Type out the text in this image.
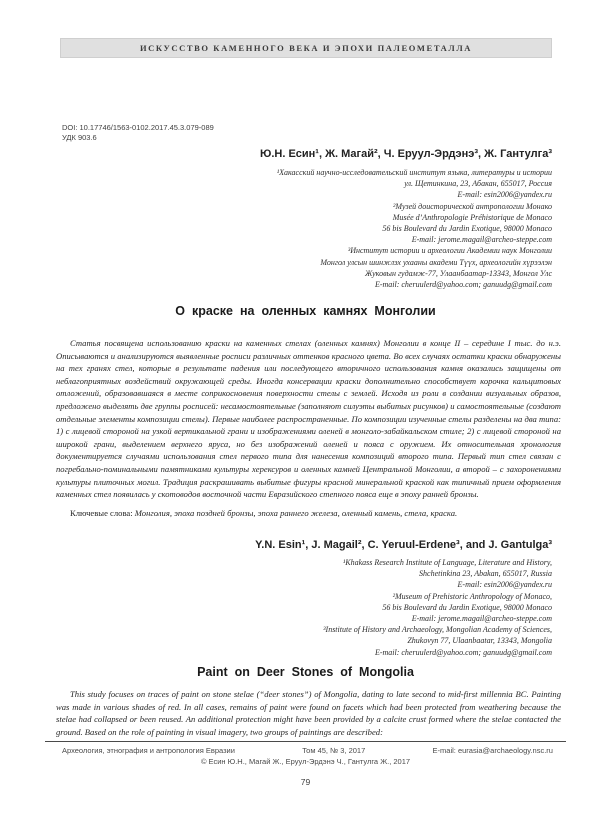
ИСКУССТВО КАМЕННОГО ВЕКА И ЭПОХИ ПАЛЕОМЕТАЛЛА
DOI: 10.17746/1563-0102.2017.45.3.079-089
УДК 903.6
Ю.Н. Есин¹, Ж. Магай², Ч. Еруул-Эрдэнэ³, Ж. Гантулга³
¹Хакасский научно-исследовательский институт языка, литературы и истории
ул. Щетинкина, 23, Абакан, 655017, Россия
E-mail: esin2006@yandex.ru
²Музей доисторической антропологии Монако
Musée d’Anthropologie Préhistorique de Monaco
56 bis Boulevard du Jardin Exotique, 98000 Monaco
E-mail: jerome.magail@archeo-steppe.com
³Институт истории и археологии Академии наук Монголии
Монгол улсын шинжлэх ухааны академи Түүх, археологийн хүрээлэн
Жуковын гудамж-77, Улаанбаатар-13343, Монгол Улс
E-mail: cheruulerd@yahoo.com; ganuudg@gmail.com
О краске на оленных камнях Монголии
Статья посвящена использованию краски на каменных стелах (оленных камнях) Монголии в конце II – середине I тыс. до н.э. Описываются и анализируются выявленные росписи различных оттенков красного цвета. Во всех случаях остатки краски обнаружены на тех гранях стел, которые в результате падения или последующего вторичного использования камня оказались защищены от неблагоприятных воздействий окружающей среды. Иногда консервации краски дополнительно способствует корочка кальцитовых отложений, образовавшаяся в месте соприкосновения поверхности стелы с землей. Исходя из роли в создании визуальных образов, предложено выделять две группы росписей: несамостоятельные (заполняют силуэты выбитых рисунков) и самостоятельные (создают отдельные элементы композиции стелы). Первые наиболее распространенные. По композиции изученные стелы разделены на два типа: 1) с лицевой стороной на узкой вертикальной грани и изображениями оленей в монголо-забайкальском стиле; 2) с лицевой стороной на широкой грани, выделением верхнего яруса, но без изображений оленей и пояса с оружием. Их относительная хронология документируется случаями использования стел первого типа для нанесения композиций второго типа. Первый тип стел связан с погребально-поминальными памятниками культуры херексуров и оленных камней Центральной Монголии, а второй – с захоронениями культуры плиточных могил. Традиция раскрашивать выбитые фигуры красной минеральной краской как типичный прием оформления каменных стел появилась у скотоводов восточной части Евразийского степного пояса еще в эпоху ранней бронзы.
Ключевые слова: Монголия, эпоха поздней бронзы, эпоха раннего железа, оленный камень, стела, краска.
Y.N. Esin¹, J. Magail², C. Yeruul-Erdene³, and J. Gantulga³
¹Khakass Research Institute of Language, Literature and History,
Shchetinkina 23, Abakan, 655017, Russia
E-mail: esin2006@yandex.ru
²Museum of Prehistoric Anthropology of Monaco,
56 bis Boulevard du Jardin Exotique, 98000 Monaco
E-mail: jerome.magail@archeo-steppe.com
³Institute of History and Archaeology, Mongolian Academy of Sciences,
Zhukovyn 77, Ulaanbaatar, 13343, Mongolia
E-mail: cheruulerd@yahoo.com; ganuudg@gmail.com
Paint on Deer Stones of Mongolia
This study focuses on traces of paint on stone stelae (“deer stones”) of Mongolia, dating to late second to mid-first millennia BC. Painting was made in various shades of red. In all cases, remains of paint were found on facets which had been protected from weathering because the stelae had collapsed or been reused. An additional protection might have been provided by a calcite crust formed where the stelae contacted the ground. Based on the role of painting in visual imagery, two groups of paintings are described:
Археология, этнография и антропология Евразии	Том 45, № 3, 2017	E-mail: eurasia@archaeology.nsc.ru
© Есин Ю.Н., Магай Ж., Еруул-Эрдэнэ Ч., Гантулга Ж., 2017
79
